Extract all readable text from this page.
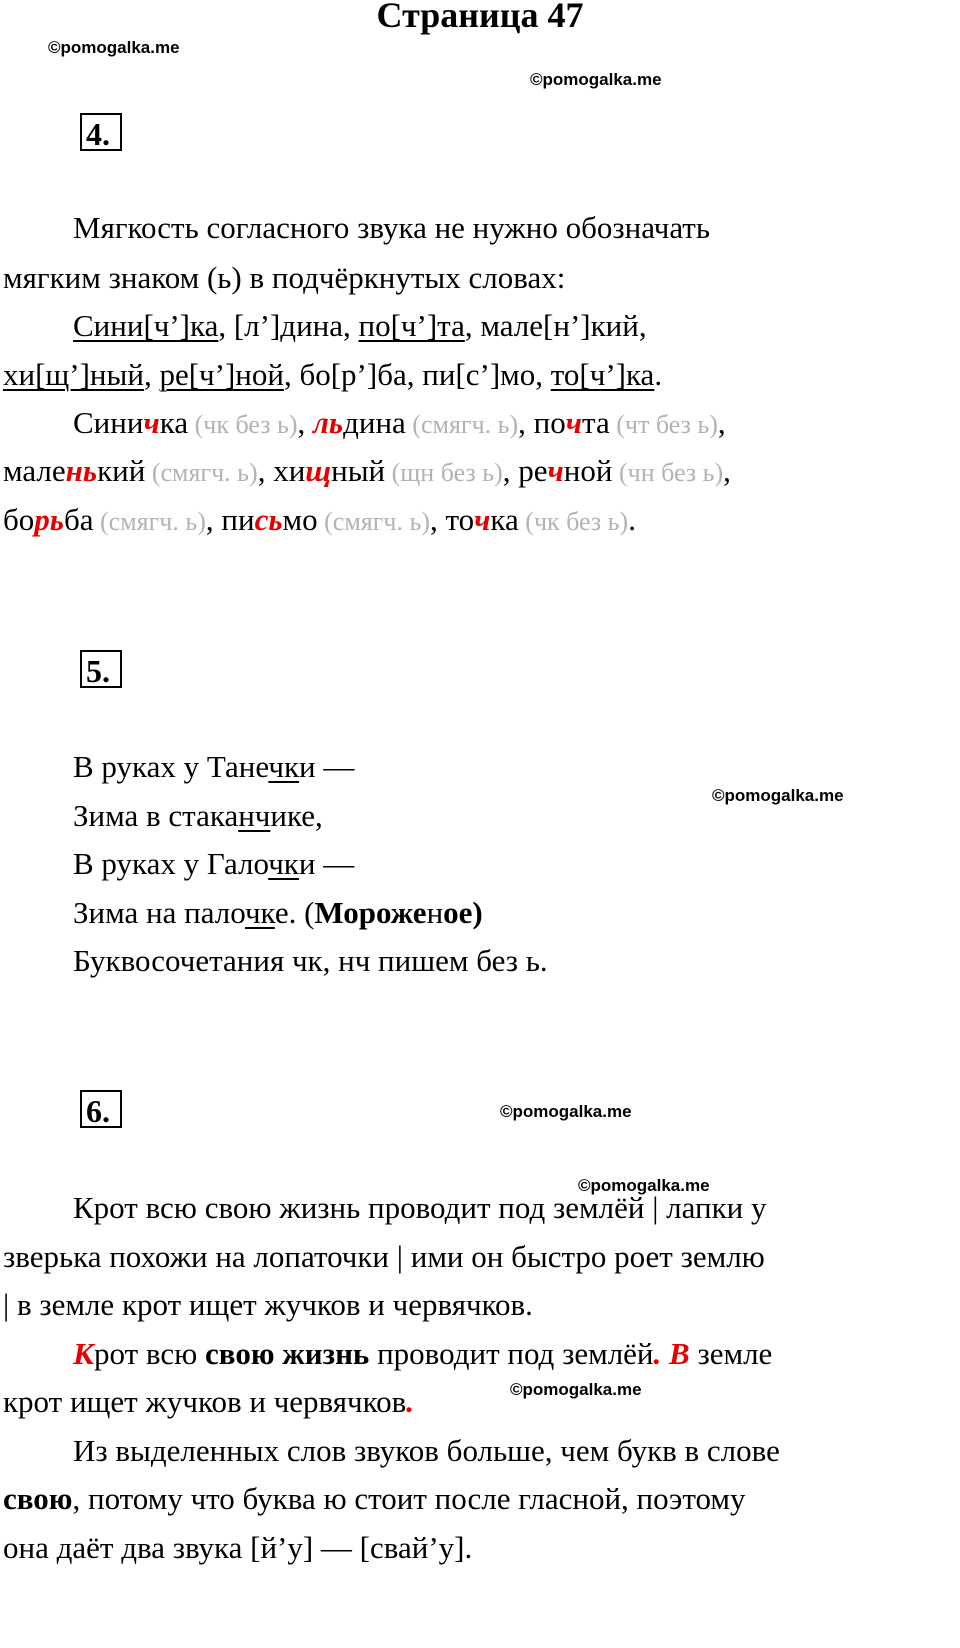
Страница 47
©pomogalka.me
©pomogalka.me
4.
Мягкость согласного звука не нужно обозначать
мягким знаком (ь) в подчёркнутых словах:
Сини[ч’]ка, [л’]дина, по[ч’]та, мале[н’]кий,
хи[щ’]ный, ре[ч’]ной, бо[р’]ба, пи[с’]мо, то[ч’]ка.
Синичка (чк без ь), льдина (смягч. ь), почта (чт без ь),
маленький (смягч. ь), хищный (щн без ь), речной (чн без ь),
борьба (смягч. ь), письмо (смягч. ь), точка (чк без ь).
5.
В руках у Танечки —
Зима в стаканчике,
©pomogalka.me
В руках у Галочки —
Зима на палочке. (Мороженое)
Буквосочетания чк, нч пишем без ь.
6.	©pomogalka.me
©pomogalka.me
Крот всю свою жизнь проводит под землёй | лапки у
зверька похожи на лопаточки | ими он быстро роет землю
| в земле крот ищет жучков и червячков.
Крот всю свою жизнь проводит под землёй. В земле
крот ищет жучков и червячков.	©pomogalka.me
Из выделенных слов звуков больше, чем букв в слове
свою, потому что буква ю стоит после гласной, поэтому
она даёт два звука [й’у] — [свай’у].
